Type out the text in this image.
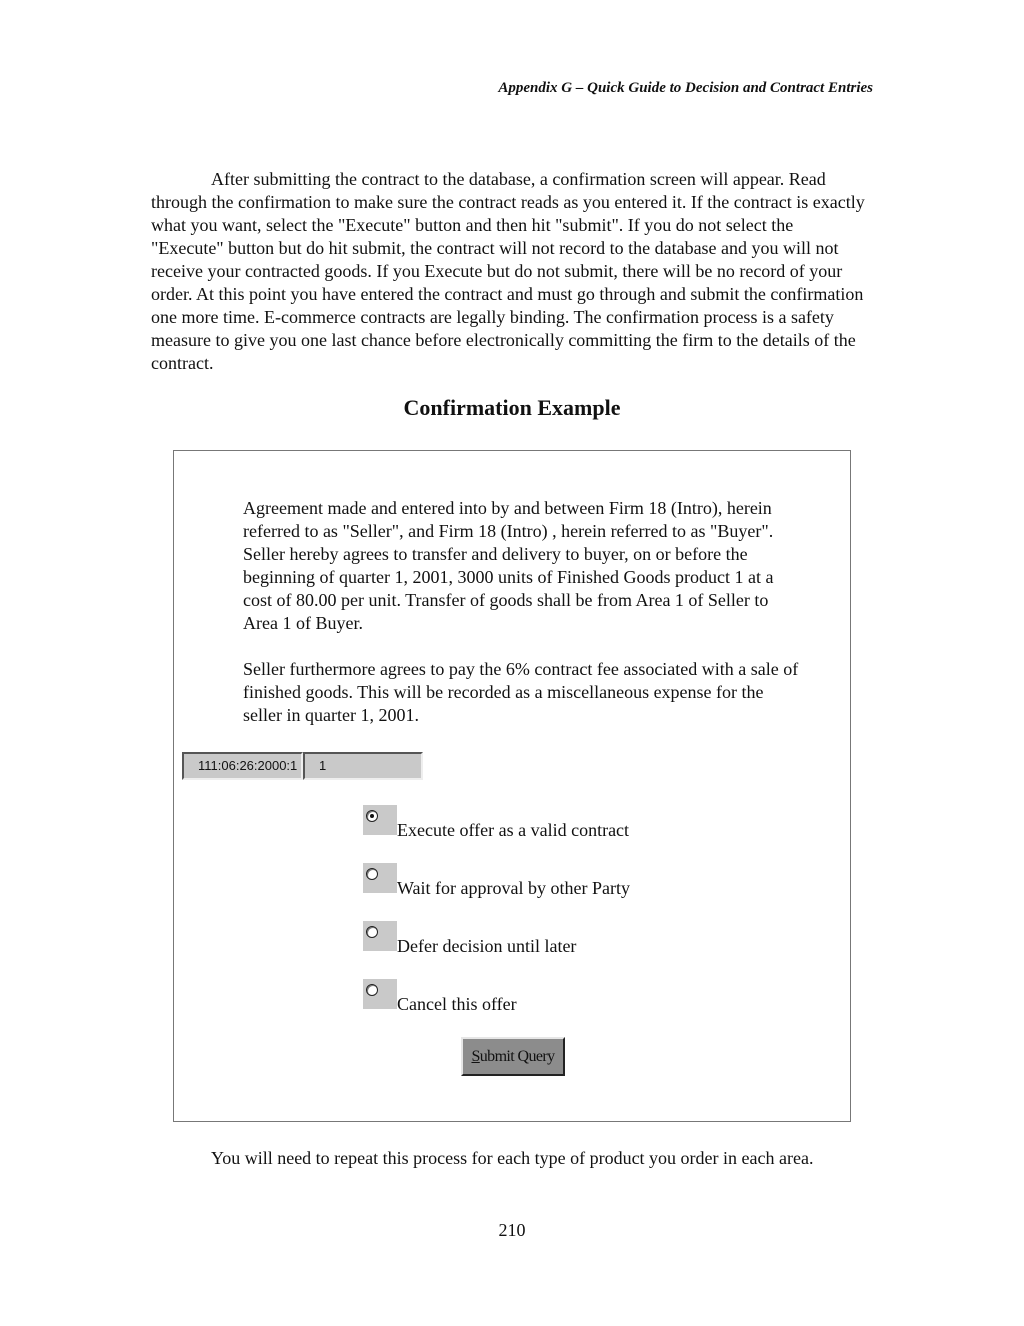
Appendix G – Quick Guide to Decision and Contract Entries

After submitting the contract to the database, a confirmation screen will appear. Read through the confirmation to make sure the contract reads as you entered it. If the contract is exactly what you want, select the "Execute" button and then hit "submit". If you do not select the "Execute" button but do hit submit, the contract will not record to the database and you will not receive your contracted goods. If you Execute but do not submit, there will be no record of your order. At this point you have entered the contract and must go through and submit the confirmation one more time. E-commerce contracts are legally binding. The confirmation process is a safety measure to give you one last chance before electronically committing the firm to the details of the contract.

Confirmation Example

Agreement made and entered into by and between Firm 18 (Intro), herein referred to as "Seller", and Firm 18 (Intro) , herein referred to as "Buyer". Seller hereby agrees to transfer and delivery to buyer, on or before the beginning of quarter 1, 2001, 3000 units of Finished Goods product 1 at a cost of 80.00 per unit. Transfer of goods shall be from Area 1 of Seller to Area 1 of Buyer.

Seller furthermore agrees to pay the 6% contract fee associated with a sale of finished goods. This will be recorded as a miscellaneous expense for the seller in quarter 1, 2001.

111:06:26:2000:1	1
Execute offer as a valid contract
Wait for approval by other Party
Defer decision until later
Cancel this offer
Submit Query

You will need to repeat this process for each type of product you order in each area.

210
